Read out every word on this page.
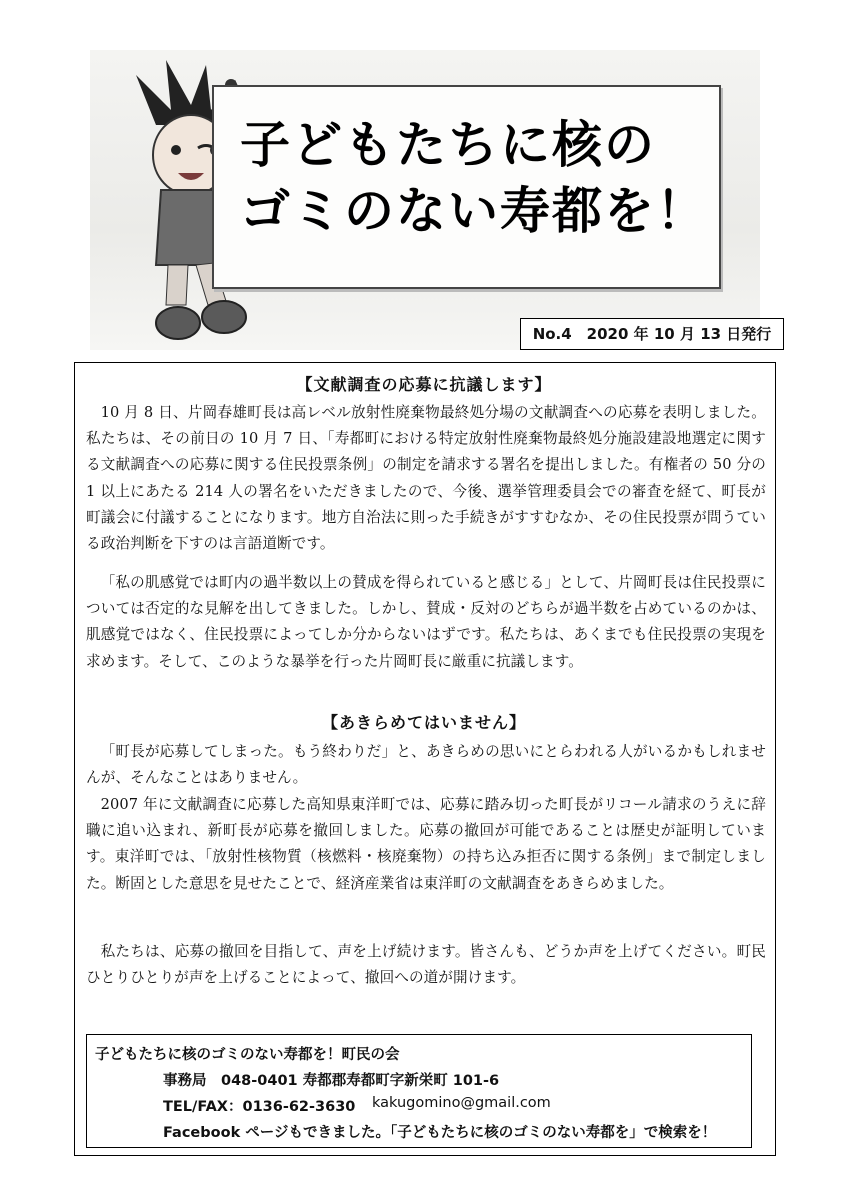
子どもたちに核の
ゴミのない寿都を！
No.4　2020 年 10 月 13 日発行
【文献調査の応募に抗議します】

10 月 8 日、片岡春雄町長は高レベル放射性廃棄物最終処分場の文献調査への応募を表明しました。私たちは、その前日の 10 月 7 日、「寿都町における特定放射性廃棄物最終処分施設建設地選定に関する文献調査への応募に関する住民投票条例」の制定を請求する署名を提出しました。有権者の 50 分の 1 以上にあたる 214 人の署名をいただきましたので、今後、選挙管理委員会での審査を経て、町長が町議会に付議することになります。地方自治法に則った手続きがすすむなか、その住民投票が問うている政治判断を下すのは言語道断です。

「私の肌感覚では町内の過半数以上の賛成を得られていると感じる」として、片岡町長は住民投票については否定的な見解を出してきました。しかし、賛成・反対のどちらが過半数を占めているのかは、肌感覚ではなく、住民投票によってしか分からないはずです。私たちは、あくまでも住民投票の実現を求めます。そして、このような暴挙を行った片岡町長に厳重に抗議します。

【あきらめてはいません】

「町長が応募してしまった。もう終わりだ」と、あきらめの思いにとらわれる人がいるかもしれませんが、そんなことはありません。

2007 年に文献調査に応募した高知県東洋町では、応募に踏み切った町長がリコール請求のうえに辞職に追い込まれ、新町長が応募を撤回しました。応募の撤回が可能であることは歴史が証明しています。東洋町では、「放射性核物質（核燃料・核廃棄物）の持ち込み拒否に関する条例」まで制定しました。断固とした意思を見せたことで、経済産業省は東洋町の文献調査をあきらめました。

私たちは、応募の撤回を目指して、声を上げ続けます。皆さんも、どうか声を上げてください。町民ひとりひとりが声を上げることによって、撤回への道が開けます。

子どもたちに核のゴミのない寿都を！町民の会
事務局　048-0401 寿都郡寿都町字新栄町 101-6
TEL/FAX：0136-62-3630 kakugomino@gmail.com
Facebook ページもできました。「子どもたちに核のゴミのない寿都を」で検索を！
